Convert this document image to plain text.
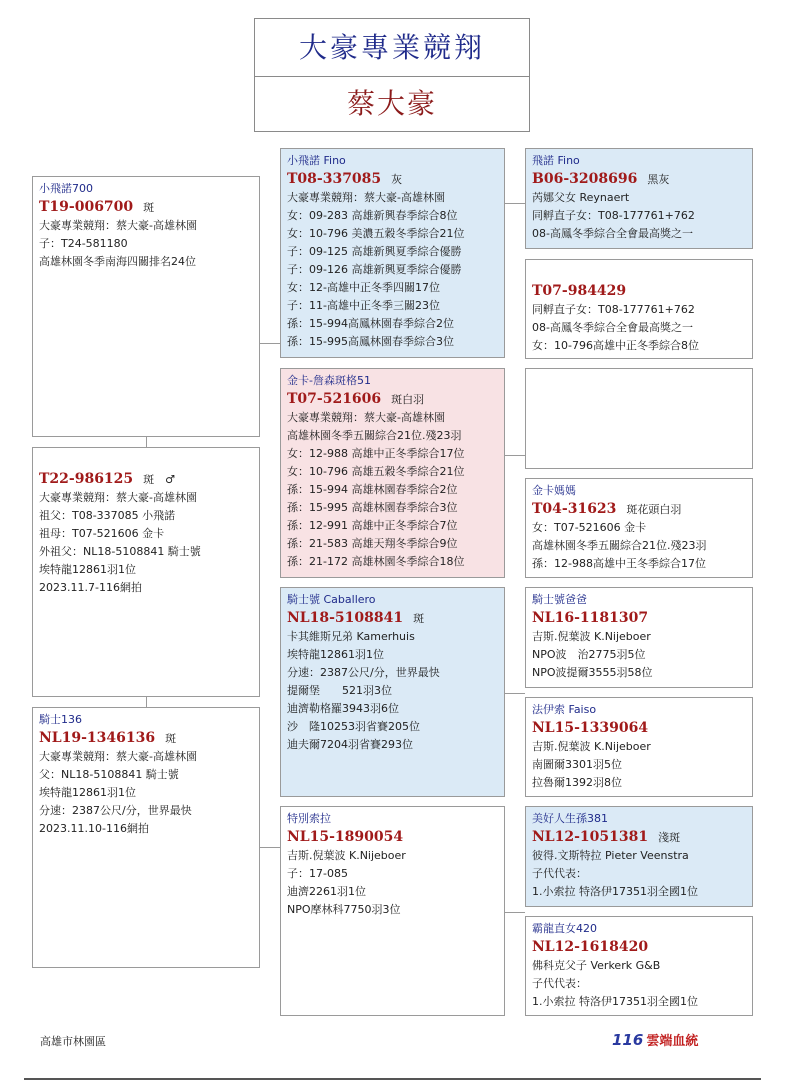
大豪專業競翔
蔡大豪
小飛諾700
T19-006700 斑
大豪專業競翔：蔡大豪-高雄林園
子：T24-581180
高雄林園冬季南海四關排名24位
T22-986125 斑　♂
大豪專業競翔：蔡大豪-高雄林園
祖父：T08-337085 小飛諾
祖母：T07-521606 金卡
外祖父：NL18-5108841 騎士號
埃特龍12861羽1位
2023.11.7-116網拍
騎士136
NL19-1346136 斑
大豪專業競翔：蔡大豪-高雄林園
父：NL18-5108841 騎士號
埃特龍12861羽1位
分速：2387公尺/分，世界最快
2023.11.10-116網拍
小飛諾 Fino
T08-337085 灰
大豪專業競翔：蔡大豪-高雄林園
女：09-283 高雄新興春季綜合8位
女：10-796 美濃五穀冬季綜合21位
子：09-125 高雄新興夏季綜合優勝
子：09-126 高雄新興夏季綜合優勝
女：12-高雄中正冬季四關17位
子：11-高雄中正冬季三關23位
孫：15-994高鳳林園春季綜合2位
孫：15-995高鳳林園春季綜合3位
金卡-詹森斑格51
T07-521606 斑白羽
大豪專業競翔：蔡大豪-高雄林園
高雄林園冬季五關綜合21位.殘23羽
女：12-988 高雄中正冬季綜合17位
女：10-796 高雄五穀冬季綜合21位
孫：15-994 高雄林園春季綜合2位
孫：15-995 高雄林園春季綜合3位
孫：12-991 高雄中正冬季綜合7位
孫：21-583 高雄天翔冬季綜合9位
孫：21-172 高雄林園冬季綜合18位
騎士號 Caballero
NL18-5108841 斑
卡其維斯兄弟 Kamerhuis
埃特龍12861羽1位
分速：2387公尺/分，世界最快
提爾堡　　521羽3位
迪濟勒格羅3943羽6位
沙　隆10253羽省賽205位
迪夫爾7204羽省賽293位
特別索拉
NL15-1890054
吉斯.倪葉波 K.Nijeboer
子：17-085
迪濟2261羽1位
NPO摩林科7750羽3位
飛諾 Fino
B06-3208696 黑灰
芮娜父女 Reynaert
同孵直子女：T08-177761+762
08-高鳳冬季綜合全會最高獎之一
T07-984429
同孵直子女：T08-177761+762
08-高鳳冬季綜合全會最高獎之一
女：10-796高雄中正冬季綜合8位
金卡媽媽
T04-31623 斑花頭白羽
女：T07-521606 金卡
高雄林園冬季五關綜合21位.殘23羽
孫：12-988高雄中王冬季綜合17位
騎士號爸爸
NL16-1181307
吉斯.倪葉波 K.Nijeboer
NPO波　治2775羽5位
NPO波提爾3555羽58位
法伊索 Faiso
NL15-1339064
吉斯.倪葉波 K.Nijeboer
南圖爾3301羽5位
拉魯爾1392羽8位
美好人生孫381
NL12-1051381 淺斑
彼得.文斯特拉 Pieter Veenstra
子代代表：
1.小索拉 特洛伊17351羽全國1位
霸龍直女420
NL12-1618420
佛科克父子 Verkerk G&B
子代代表：
1.小索拉 特洛伊17351羽全國1位
高雄市林園區	116 雲端血統
